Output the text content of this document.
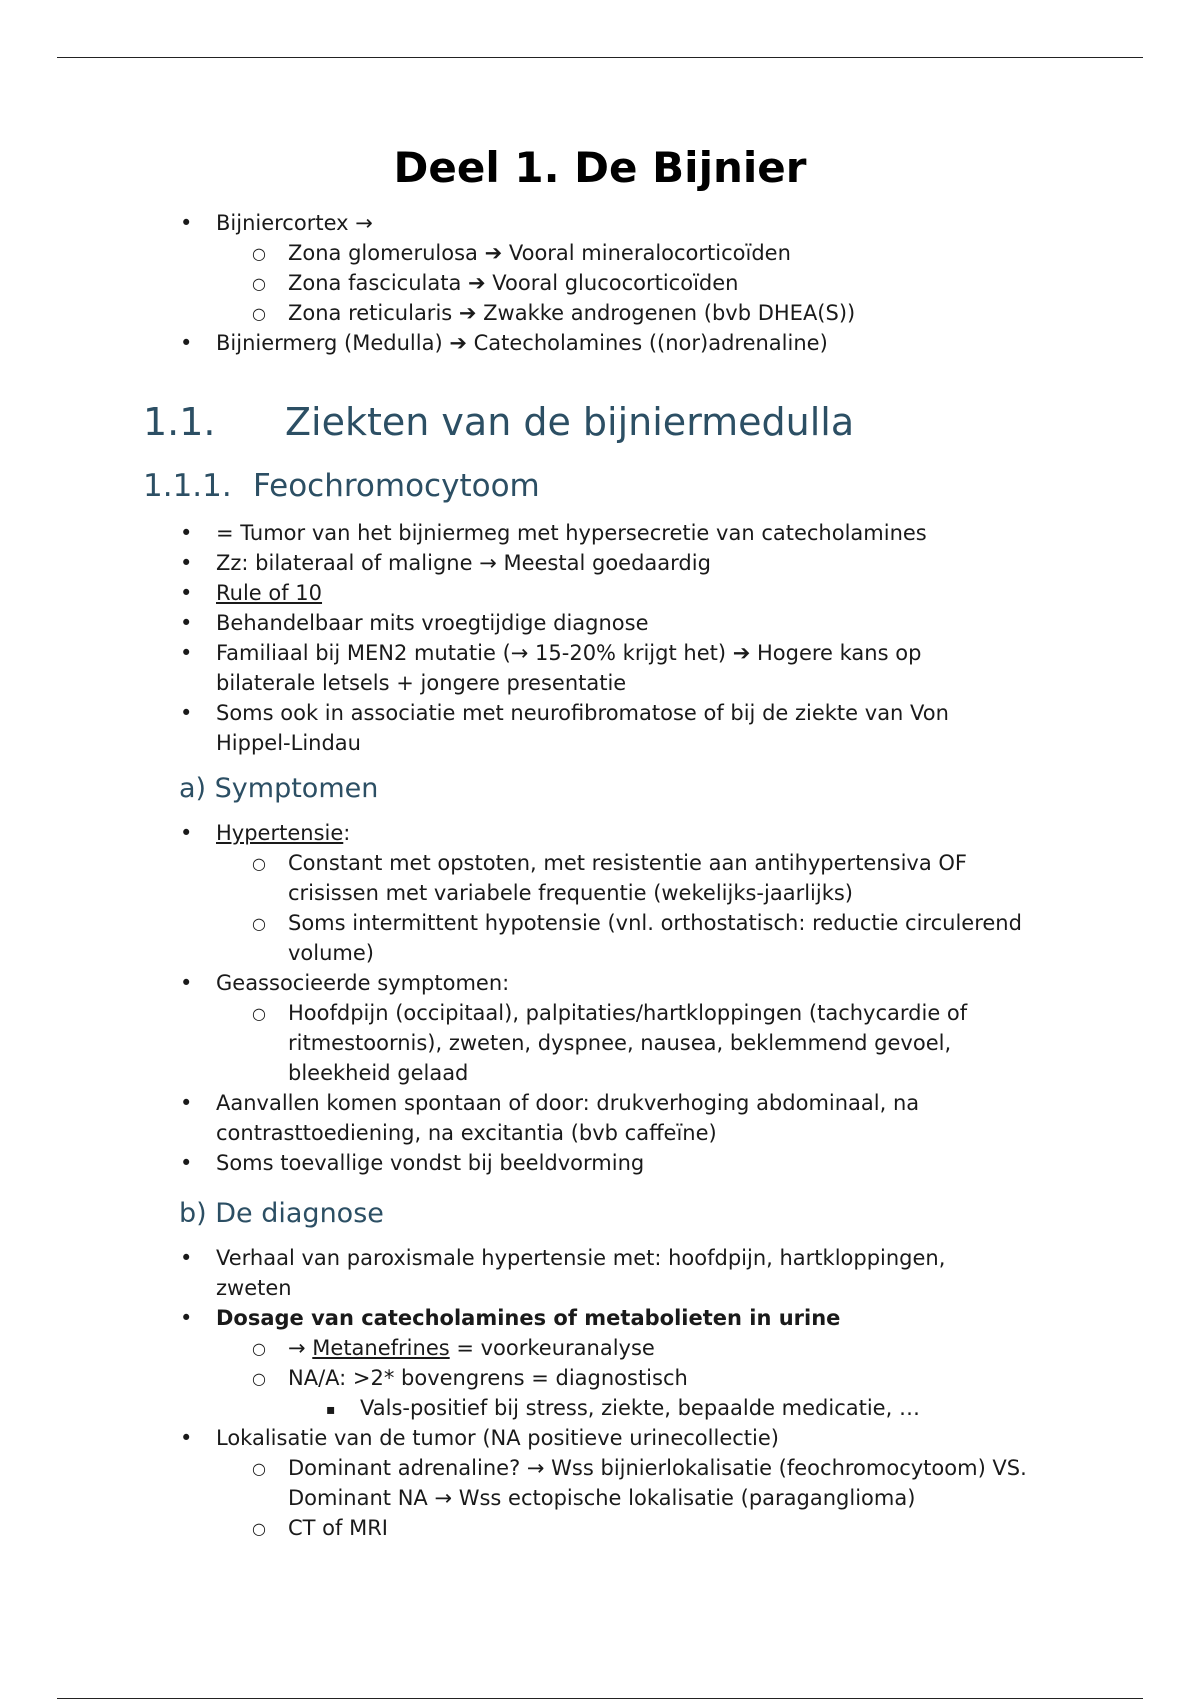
Deel 1. De Bijnier
• Bijniercortex →
○ Zona glomerulosa ➔ Vooral mineralocorticoïden
○ Zona fasciculata ➔ Vooral glucocorticoïden
○ Zona reticularis ➔ Zwakke androgenen (bvb DHEA(S))
• Bijniermerg (Medulla) ➔ Catecholamines ((nor)adrenaline)
1.1. Ziekten van de bijniermedulla
1.1.1. Feochromocytoom
• = Tumor van het bijniermeg met hypersecretie van catecholamines
• Zz: bilateraal of maligne → Meestal goedaardig
• Rule of 10
• Behandelbaar mits vroegtijdige diagnose
• Familiaal bij MEN2 mutatie (→ 15-20% krijgt het) ➔ Hogere kans op bilaterale letsels + jongere presentatie
• Soms ook in associatie met neurofibromatose of bij de ziekte van Von Hippel-Lindau
a) Symptomen
• Hypertensie:
○ Constant met opstoten, met resistentie aan antihypertensiva OF crisissen met variabele frequentie (wekelijks-jaarlijks)
○ Soms intermittent hypotensie (vnl. orthostatisch: reductie circulerend volume)
• Geassocieerde symptomen:
○ Hoofdpijn (occipitaal), palpitaties/hartkloppingen (tachycardie of ritmestoornis), zweten, dyspnee, nausea, beklemmend gevoel, bleekheid gelaad
• Aanvallen komen spontaan of door: drukverhoging abdominaal, na contrasttoediening, na excitantia (bvb caffeïne)
• Soms toevallige vondst bij beeldvorming
b) De diagnose
• Verhaal van paroxismale hypertensie met: hoofdpijn, hartkloppingen, zweten
• Dosage van catecholamines of metabolieten in urine
○ → Metanefrines = voorkeuranalyse
○ NA/A: >2* bovengrens = diagnostisch
▪ Vals-positief bij stress, ziekte, bepaalde medicatie, …
• Lokalisatie van de tumor (NA positieve urinecollectie)
○ Dominant adrenaline? → Wss bijnierlokalisatie (feochromocytoom) VS. Dominant NA → Wss ectopische lokalisatie (paraganglioma)
○ CT of MRI
